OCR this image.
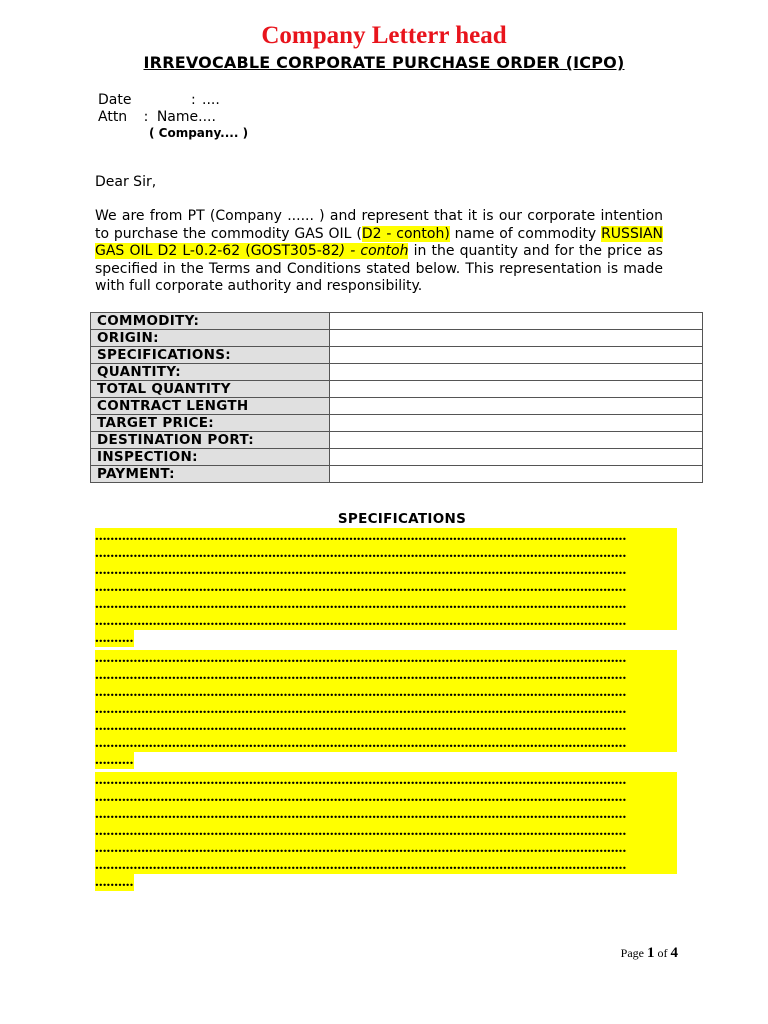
Company Letterr head
IRREVOCABLE CORPORATE PURCHASE ORDER (ICPO)
Date	: ....
Attn : Name....
( Company.... )
Dear Sir,
We are from PT (Company ...... ) and represent that it is our corporate intention to purchase the commodity GAS OIL (D2 - contoh) name of commodity RUSSIAN GAS OIL D2 L-0.2-62 (GOST305-82) - contoh in the quantity and for the price as specified in the Terms and Conditions stated below. This representation is made with full corporate authority and responsibility.
COMMODITY:	
ORIGIN:	
SPECIFICATIONS:	
QUANTITY:	
TOTAL QUANTITY	
CONTRACT LENGTH	
TARGET PRICE:	
DESTINATION PORT:	
INSPECTION:	
PAYMENT:	
SPECIFICATIONS
..........................................................................................................................................
..........................................................................................................................................
..........................................................................................................................................
..........................................................................................................................................
..........................................................................................................................................
..........................................................................................................................................
..........
..........................................................................................................................................
..........................................................................................................................................
..........................................................................................................................................
..........................................................................................................................................
..........................................................................................................................................
..........................................................................................................................................
..........
..........................................................................................................................................
..........................................................................................................................................
..........................................................................................................................................
..........................................................................................................................................
..........................................................................................................................................
..........................................................................................................................................
..........
Page 1 of 4
